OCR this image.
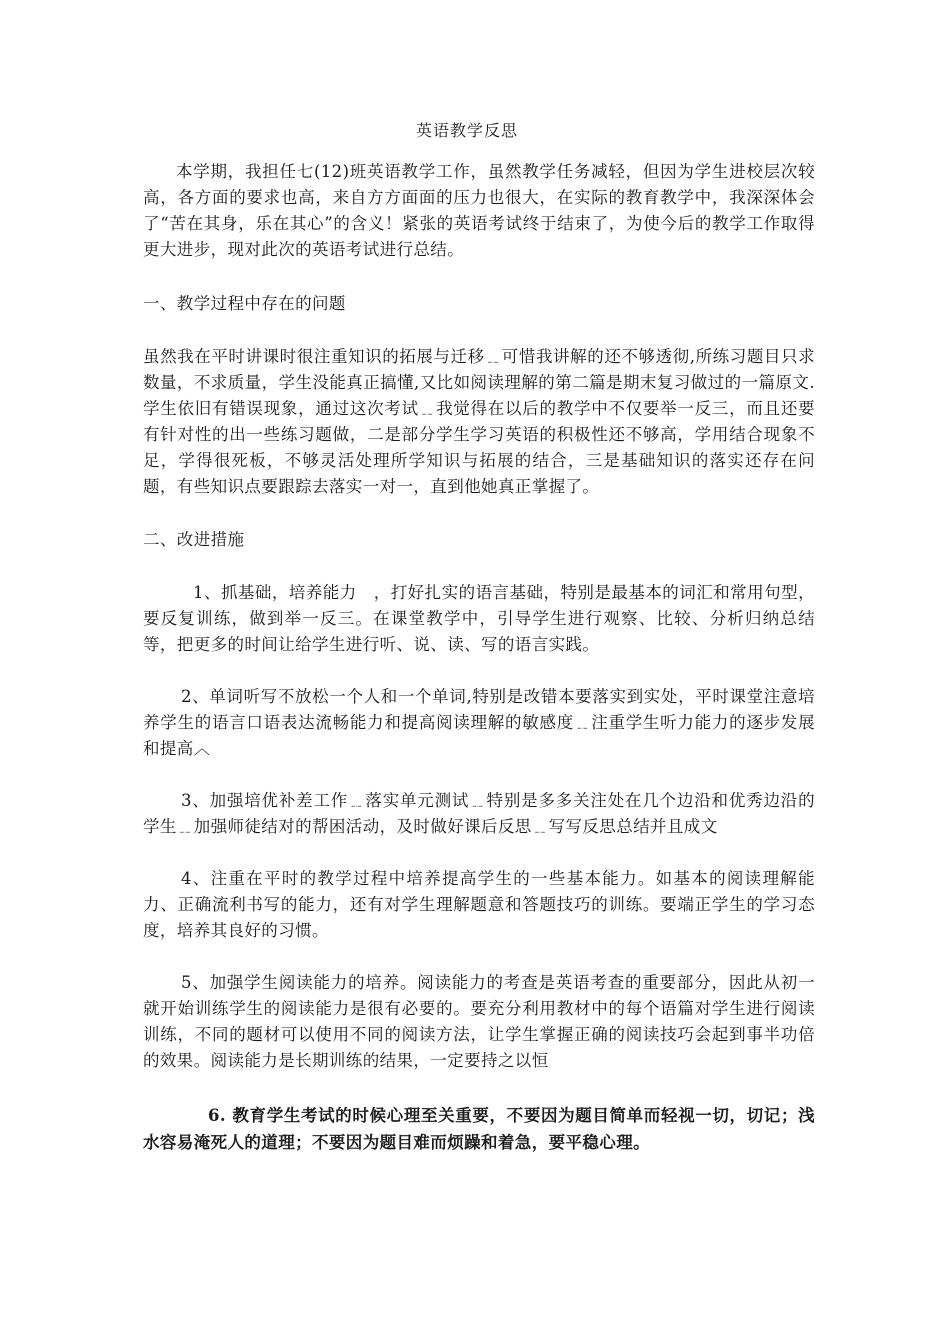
英语教学反思

本学期，我担任七(12)班英语教学工作，虽然教学任务减轻，但因为学生进校层次较高，各方面的要求也高，来自方方面面的压力也很大，在实际的教育教学中，我深深体会了“苦在其身，乐在其心”的含义！紧张的英语考试终于结束了，为使今后的教学工作取得更大进步，现对此次的英语考试进行总结。

一、教学过程中存在的问题

虽然我在平时讲课时很注重知识的拓展与迁移﹎可惜我讲解的还不够透彻,所练习题目只求数量，不求质量，学生没能真正搞懂,又比如阅读理解的第二篇是期末复习做过的一篇原文.学生依旧有错误现象，通过这次考试﹎我觉得在以后的教学中不仅要举一反三，而且还要有针对性的出一些练习题做，二是部分学生学习英语的积极性还不够高，学用结合现象不足，学得很死板，不够灵活处理所学知识与拓展的结合，三是基础知识的落实还存在问题，有些知识点要跟踪去落实一对一，直到他她真正掌握了。

二、改进措施

1、抓基础，培养能力　，打好扎实的语言基础，特别是最基本的词汇和常用句型，要反复训练，做到举一反三。在课堂教学中，引导学生进行观察、比较、分析归纳总结等，把更多的时间让给学生进行听、说、读、写的语言实践。

2、单词听写不放松一个人和一个单词,特别是改错本要落实到实处，平时课堂注意培养学生的语言口语表达流畅能力和提高阅读理解的敏感度﹎注重学生听力能力的逐步发展和提高︿

3、加强培优补差工作﹎落实单元测试﹎特别是多多关注处在几个边沿和优秀边沿的学生﹎加强师徒结对的帮困活动，及时做好课后反思﹎写写反思总结并且成文

4、注重在平时的教学过程中培养提高学生的一些基本能力。如基本的阅读理解能力、正确流利书写的能力，还有对学生理解题意和答题技巧的训练。要端正学生的学习态度，培养其良好的习惯。

5、加强学生阅读能力的培养。阅读能力的考查是英语考查的重要部分，因此从初一就开始训练学生的阅读能力是很有必要的。要充分利用教材中的每个语篇对学生进行阅读训练，不同的题材可以使用不同的阅读方法，让学生掌握正确的阅读技巧会起到事半功倍的效果。阅读能力是长期训练的结果，一定要持之以恒

6. 教育学生考试的时候心理至关重要，不要因为题目简单而轻视一切，切记；浅水容易淹死人的道理；不要因为题目难而烦躁和着急，要平稳心理。
